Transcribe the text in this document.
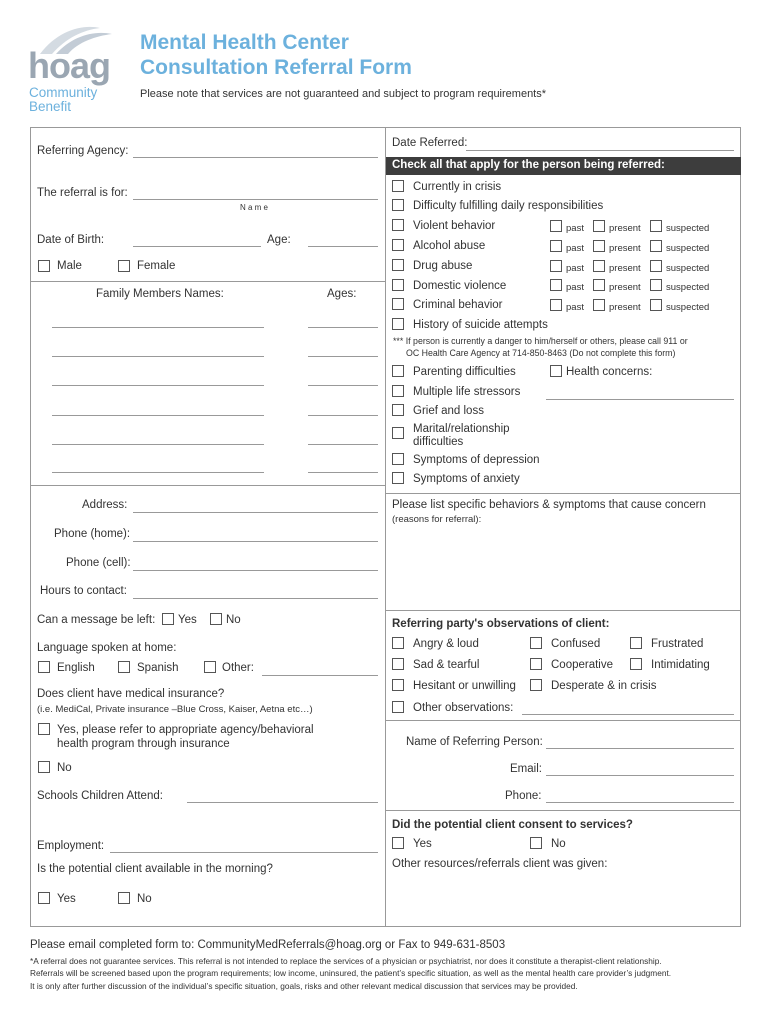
hoag
Community
Benefit
Mental Health Center
Consultation Referral Form
Please note that services are not guaranteed and subject to program requirements*
Referring Agency:
The referral is for:
N a m e
Date of Birth:	Age:
Male	Female
Family Members Names:	Ages:
Address:
Phone (home):
Phone (cell):
Hours to contact:
Can a message be left: Yes	No
Language spoken at home:
English	Spanish	Other:
Does client have medical insurance?
(i.e. MediCal, Private insurance –Blue Cross, Kaiser, Aetna etc…)
Yes, please refer to appropriate agency/behavioral
health program through insurance
No
Schools Children Attend:
Employment:
Is the potential client available in the morning?
Yes	No
Date Referred:
Check all that apply for the person being referred:
Currently in crisis
Difficulty fulfilling daily responsibilities
Violent behavior	past	present	suspected
Alcohol abuse	past	present	suspected
Drug abuse	past	present	suspected
Domestic violence	past	present	suspected
Criminal behavior	past	present	suspected
History of suicide attempts
*** If person is currently a danger to him/herself or others, please call 911 or
OC Health Care Agency at 714-850-8463 (Do not complete this form)
Parenting difficulties	Health concerns:
Multiple life stressors
Grief and loss
Marital/relationship
difficulties
Symptoms of depression
Symptoms of anxiety
Please list specific behaviors & symptoms that cause concern
(reasons for referral):
Referring party's observations of client:
Angry & loud	Confused	Frustrated
Sad & tearful	Cooperative	Intimidating
Hesitant or unwilling	Desperate & in crisis
Other observations:
Name of Referring Person:
Email:
Phone:
Did the potential client consent to services?
Yes	No
Other resources/referrals client was given:
Please email completed form to: CommunityMedReferrals@hoag.org or Fax to 949-631-8503
*A referral does not guarantee services. This referral is not intended to replace the services of a physician or psychiatrist, nor does it constitute a therapist-client relationship.
Referrals will be screened based upon the program requirements; low income, uninsured, the patient’s specific situation, as well as the mental health care provider’s judgment.
It is only after further discussion of the individual’s specific situation, goals, risks and other relevant medical discussion that services may be provided.
